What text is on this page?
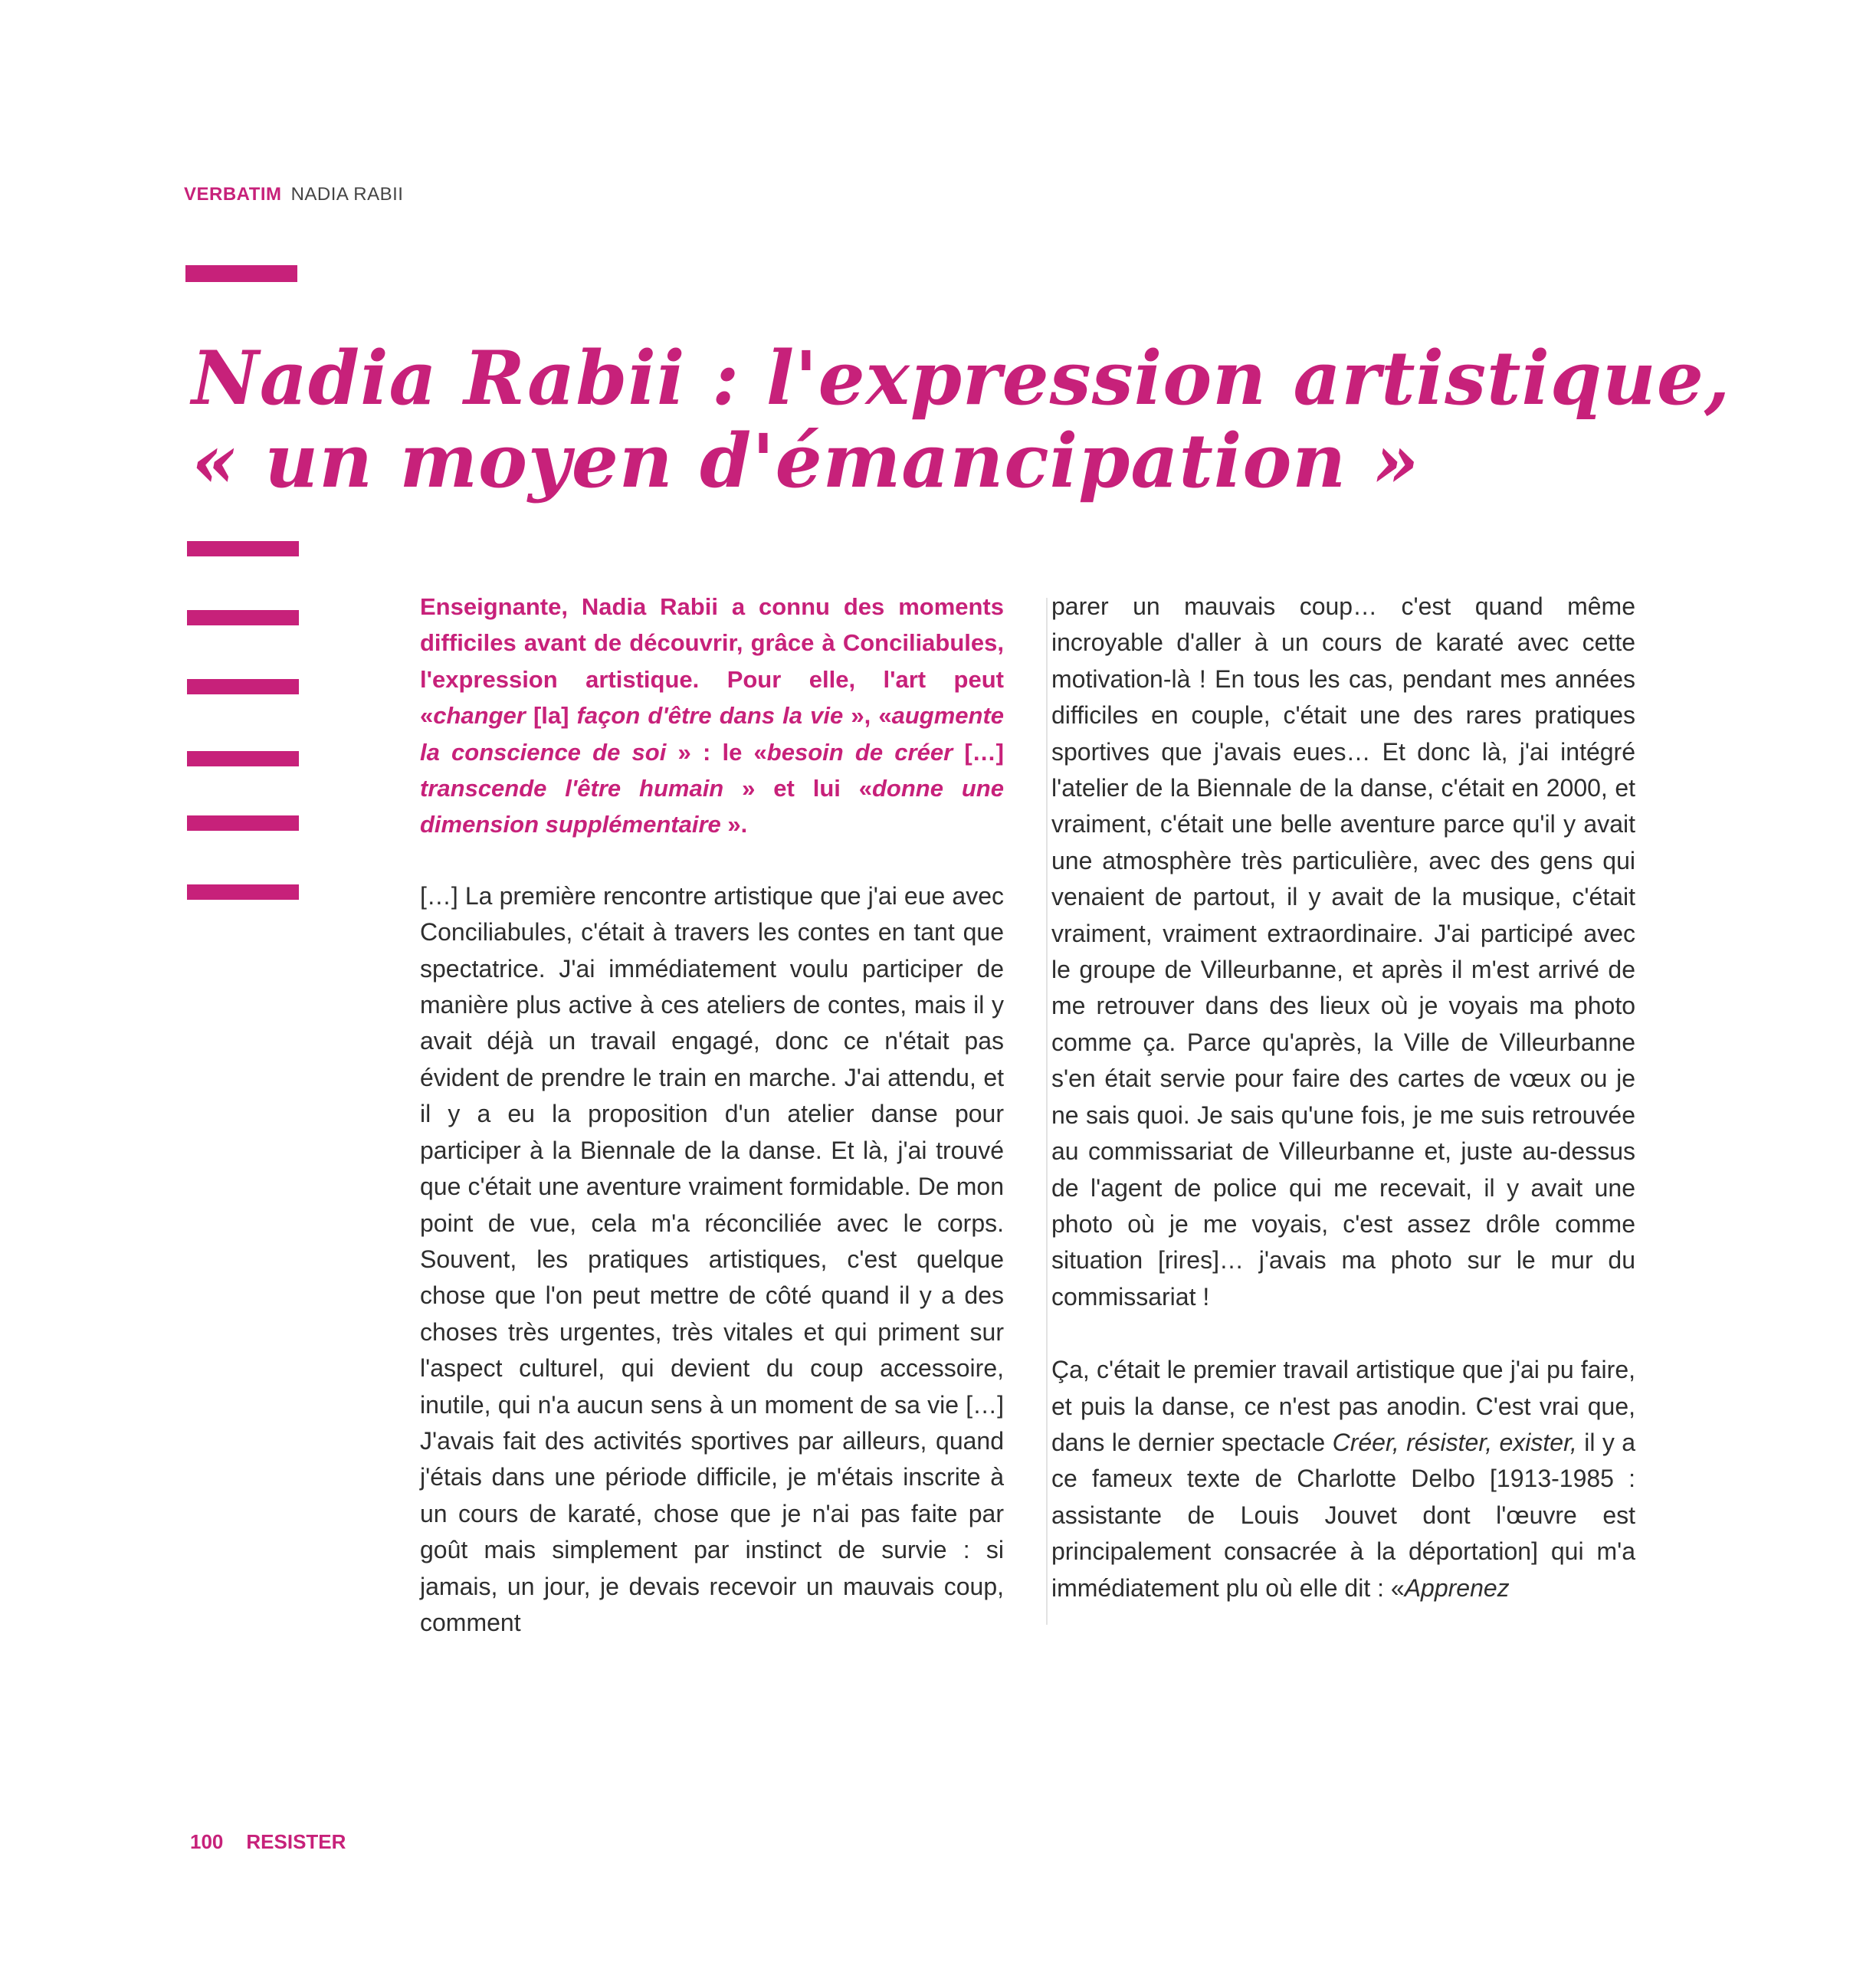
VERBATIM NADIA RABII
Nadia Rabii : l'expression artistique,
« un moyen d'émancipation »

Enseignante, Nadia Rabii a connu des moments difficiles avant de découvrir, grâce à Conciliabules, l'expression artistique. Pour elle, l'art peut «changer [la] façon d'être dans la vie », «augmente la conscience de soi » : le «besoin de créer […] transcende l'être humain » et lui «donne une dimension supplémentaire ».

[…] La première rencontre artistique que j'ai eue avec Conciliabules, c'était à travers les contes en tant que spectatrice. J'ai immédiatement voulu participer de manière plus active à ces ateliers de contes, mais il y avait déjà un travail engagé, donc ce n'était pas évident de prendre le train en marche. J'ai attendu, et il y a eu la proposition d'un atelier danse pour participer à la Biennale de la danse. Et là, j'ai trouvé que c'était une aventure vraiment formidable. De mon point de vue, cela m'a réconciliée avec le corps. Souvent, les pratiques artistiques, c'est quelque chose que l'on peut mettre de côté quand il y a des choses très urgentes, très vitales et qui priment sur l'aspect culturel, qui devient du coup accessoire, inutile, qui n'a aucun sens à un moment de sa vie […] J'avais fait des activités sportives par ailleurs, quand j'étais dans une période difficile, je m'étais inscrite à un cours de karaté, chose que je n'ai pas faite par goût mais simplement par instinct de survie : si jamais, un jour, je devais recevoir un mauvais coup, comment

parer un mauvais coup… c'est quand même incroyable d'aller à un cours de karaté avec cette motivation-là ! En tous les cas, pendant mes années difficiles en couple, c'était une des rares pratiques sportives que j'avais eues… Et donc là, j'ai intégré l'atelier de la Biennale de la danse, c'était en 2000, et vraiment, c'était une belle aventure parce qu'il y avait une atmosphère très particulière, avec des gens qui venaient de partout, il y avait de la musique, c'était vraiment, vraiment extraordinaire. J'ai participé avec le groupe de Villeurbanne, et après il m'est arrivé de me retrouver dans des lieux où je voyais ma photo comme ça. Parce qu'après, la Ville de Villeurbanne s'en était servie pour faire des cartes de vœux ou je ne sais quoi. Je sais qu'une fois, je me suis retrouvée au commissariat de Villeurbanne et, juste au-dessus de l'agent de police qui me recevait, il y avait une photo où je me voyais, c'est assez drôle comme situation [rires]… j'avais ma photo sur le mur du commissariat !

Ça, c'était le premier travail artistique que j'ai pu faire, et puis la danse, ce n'est pas anodin. C'est vrai que, dans le dernier spectacle Créer, résister, exister, il y a ce fameux texte de Charlotte Delbo [1913-1985 : assistante de Louis Jouvet dont l'œuvre est principalement consacrée à la déportation] qui m'a immédiatement plu où elle dit : «Apprenez

100 RESISTER
